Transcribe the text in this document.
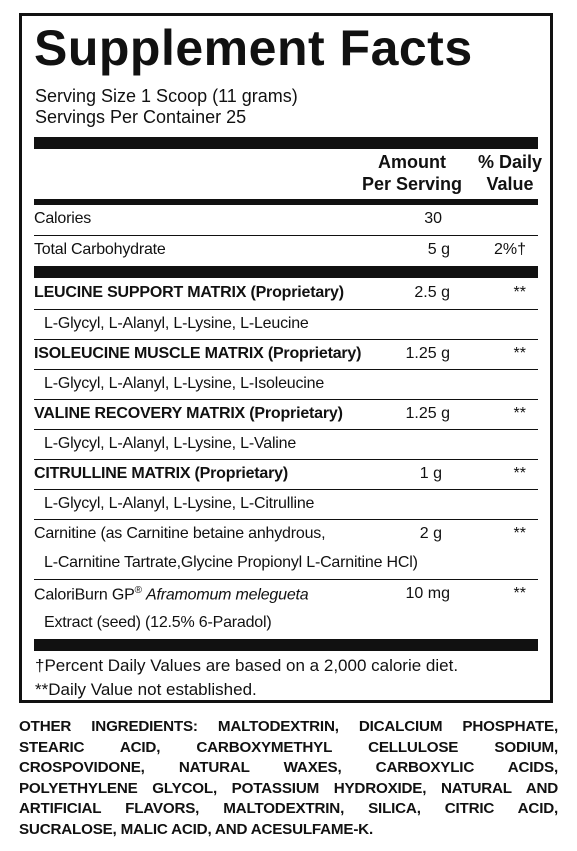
Supplement Facts
Serving Size 1 Scoop (11 grams)
Servings Per Container 25
Amount
Per Serving
% Daily
Value
Calories	30
Total Carbohydrate	5 g	2%†
LEUCINE SUPPORT MATRIX (Proprietary)	2.5 g	**
L-Glycyl, L-Alanyl, L-Lysine, L-Leucine
ISOLEUCINE MUSCLE MATRIX (Proprietary)	1.25 g	**
L-Glycyl, L-Alanyl, L-Lysine, L-Isoleucine
VALINE RECOVERY MATRIX (Proprietary)	1.25 g	**
L-Glycyl, L-Alanyl, L-Lysine, L-Valine
CITRULLINE MATRIX (Proprietary)	1 g	**
L-Glycyl, L-Alanyl, L-Lysine, L-Citrulline
Carnitine (as Carnitine betaine anhydrous,	2 g	**
L-Carnitine Tartrate,Glycine Propionyl L-Carnitine HCl)
CaloriBurn GP® Aframomum melegueta	10 mg	**
Extract (seed) (12.5% 6-Paradol)
†Percent Daily Values are based on a 2,000 calorie diet.
**Daily Value not established.
OTHER INGREDIENTS: MALTODEXTRIN, DICALCIUM PHOSPHATE, STEARIC ACID, CARBOXYMETHYL CELLULOSE SODIUM, CROSPOVIDONE, NATURAL WAXES, CARBOXYLIC ACIDS, POLYETHYLENE GLYCOL, POTASSIUM HYDROXIDE, NATURAL AND ARTIFICIAL FLAVORS, MALTODEXTRIN, SILICA, CITRIC ACID, SUCRALOSE, MALIC ACID, AND ACESULFAME-K.
